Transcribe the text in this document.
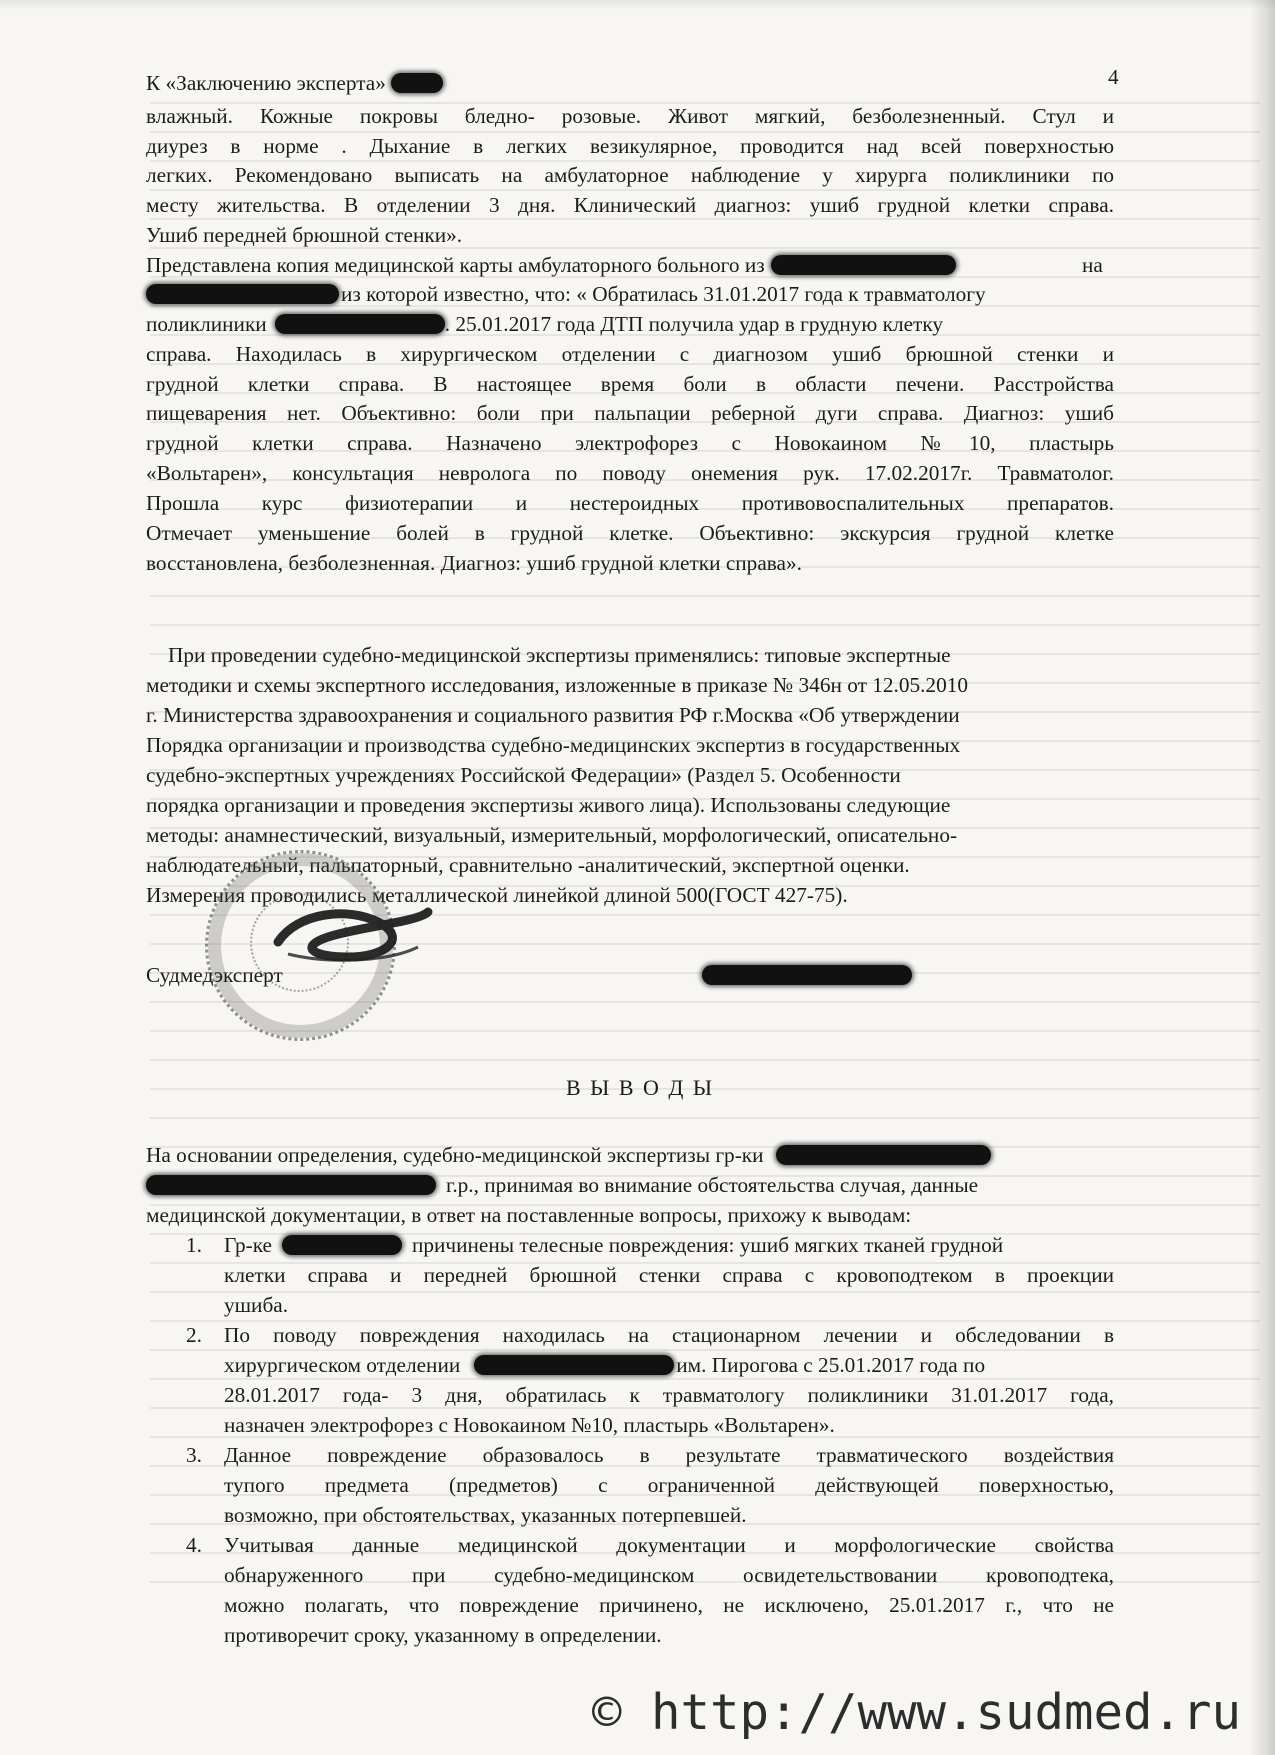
К «Заключению эксперта»	4

влажный. Кожные покровы бледно- розовые. Живот мягкий, безболезненный. Стул и

диурез в норме . Дыхание в легких везикулярное, проводится над всей поверхностью

легких. Рекомендовано выписать на амбулаторное наблюдение у хирурга поликлиники по

месту жительства. В отделении 3 дня. Клинический диагноз: ушиб грудной клетки справа.

Ушиб передней брюшной стенки».

Представлена копия медицинской карты амбулаторного больного из	на

из которой известно, что: « Обратилась 31.01.2017 года к травматологу

поликлиники	. 25.01.2017 года ДТП получила удар в грудную клетку

справа. Находилась в хирургическом отделении с диагнозом ушиб брюшной стенки и

грудной клетки справа. В настоящее время боли в области печени. Расстройства

пищеварения нет. Объективно: боли при пальпации реберной дуги справа. Диагноз: ушиб

грудной клетки справа. Назначено электрофорез с Новокаином №10, пластырь

«Вольтарен», консультация невролога по поводу онемения рук. 17.02.2017г. Травматолог.

Прошла курс физиотерапии и нестероидных противовоспалительных препаратов.

Отмечает уменьшение болей в грудной клетке. Объективно: экскурсия грудной клетке

восстановлена, безболезненная. Диагноз: ушиб грудной клетки справа».

При проведении судебно-медицинской экспертизы применялись: типовые экспертные

методики и схемы экспертного исследования, изложенные в приказе № 346н от 12.05.2010

г. Министерства здравоохранения и социального развития РФ г.Москва «Об утверждении

Порядка организации и производства судебно-медицинских экспертиз в государственных

судебно-экспертных учреждениях Российской Федерации» (Раздел 5. Особенности

порядка организации и проведения экспертизы живого лица). Использованы следующие

методы: анамнестический, визуальный, измерительный, морфологический, описательно-

наблюдательный, пальпаторный, сравнительно -аналитический, экспертной оценки.

Измерения проводились металлической линейкой длиной 500(ГОСТ 427-75).

Судмедэксперт

В Ы В О Д Ы

На основании определения, судебно-медицинской экспертизы гр-ки

г.р., принимая во внимание обстоятельства случая, данные

медицинской документации, в ответ на поставленные вопросы, прихожу к выводам:

1. Гр-ке	причинены телесные повреждения: ушиб мягких тканей грудной

клетки справа и передней брюшной стенки справа с кровоподтеком в проекции

ушиба.

2. По поводу повреждения находилась на стационарном лечении и обследовании в

хирургическом отделении	им. Пирогова с 25.01.2017 года по

28.01.2017 года- 3 дня, обратилась к травматологу поликлиники 31.01.2017 года,

назначен электрофорез с Новокаином №10, пластырь «Вольтарен».

3. Данное повреждение образовалось в результате травматического воздействия

тупого предмета (предметов) с ограниченной действующей поверхностью,

возможно, при обстоятельствах, указанных потерпевшей.

4. Учитывая данные медицинской документации и морфологические свойства

обнаруженного при судебно-медицинском освидетельствовании кровоподтека,

можно полагать, что повреждение причинено, не исключено, 25.01.2017 г., что не

противоречит сроку, указанному в определении.

© http://www.sudmed.ru
